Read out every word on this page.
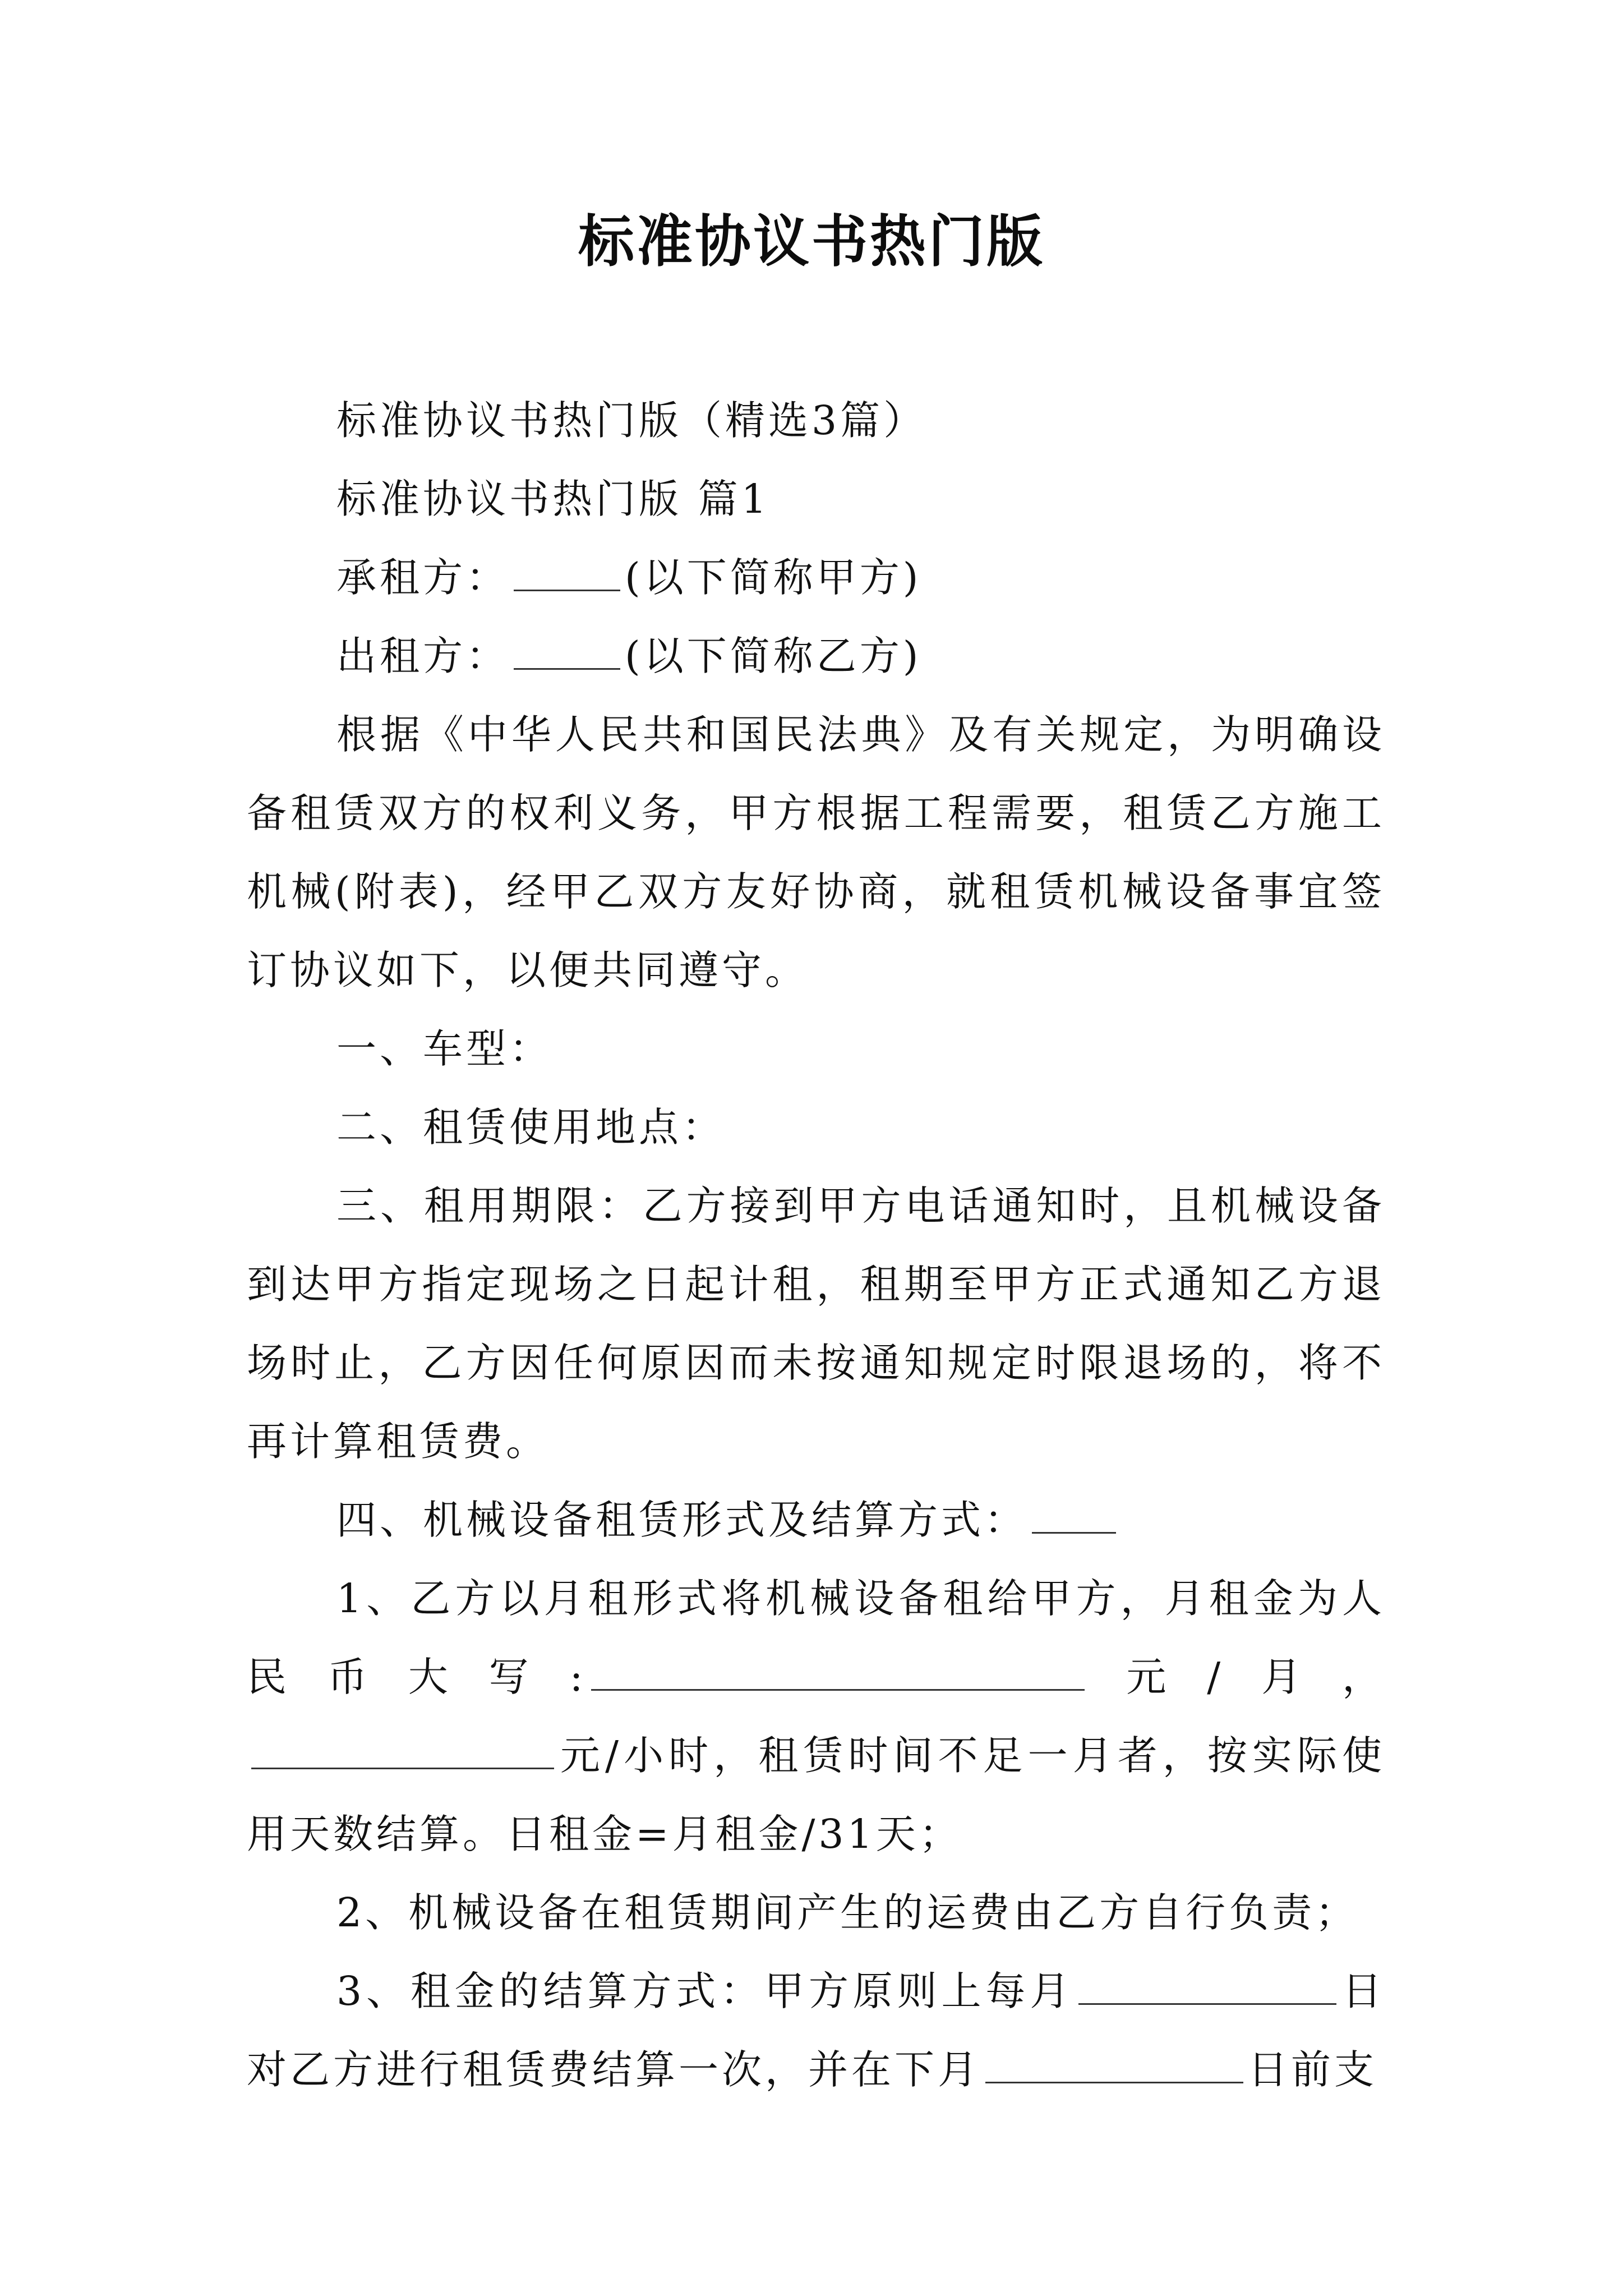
标准协议书热门版

标准协议书热门版（精选3篇）

标准协议书热门版 篇1

承租方：	(以下简称甲方)

出租方：	(以下简称乙方)

根据《中华人民共和国民法典》及有关规定，为明确设备租赁双方的权利义务，甲方根据工程需要，租赁乙方施工机械(附表)，经甲乙双方友好协商，就租赁机械设备事宜签订协议如下，以便共同遵守。

一、车型：

二、租赁使用地点：

三、租用期限：乙方接到甲方电话通知时，且机械设备到达甲方指定现场之日起计租，租期至甲方正式通知乙方退场时止，乙方因任何原因而未按通知规定时限退场的，将不再计算租赁费。

四、机械设备租赁形式及结算方式：

1、乙方以月租形式将机械设备租给甲方，月租金为人民币大写:	元/月，元/小时，租赁时间不足一月者，按实际使用天数结算。日租金=月租金/31天；

2、机械设备在租赁期间产生的运费由乙方自行负责；

3、租金的结算方式：甲方原则上每月	日对乙方进行租赁费结算一次，并在下月	日前支
